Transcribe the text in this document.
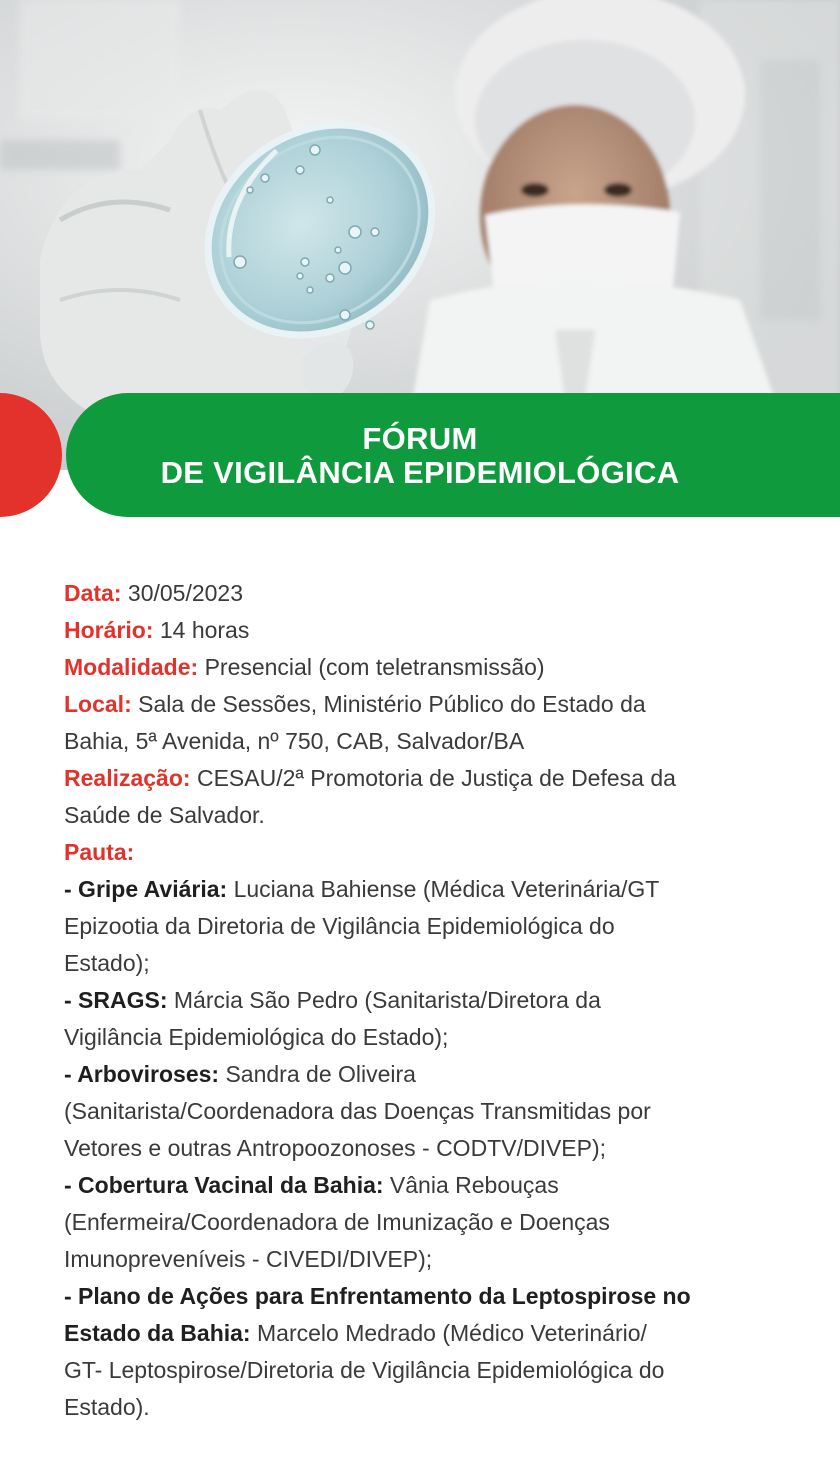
FÓRUM
DE VIGILÂNCIA EPIDEMIOLÓGICA

Data: 30/05/2023

Horário: 14 horas

Modalidade: Presencial (com teletransmissão)

Local: Sala de Sessões, Ministério Público do Estado da
Bahia, 5ª Avenida, nº 750, CAB, Salvador/BA

Realização: CESAU/2ª Promotoria de Justiça de Defesa da
Saúde de Salvador.

Pauta:

- Gripe Aviária: Luciana Bahiense (Médica Veterinária/GT
Epizootia da Diretoria de Vigilância Epidemiológica do
Estado);

- SRAGS: Márcia São Pedro (Sanitarista/Diretora da
Vigilância Epidemiológica do Estado);

- Arboviroses: Sandra de Oliveira
(Sanitarista/Coordenadora das Doenças Transmitidas por
Vetores e outras Antropoozonoses - CODTV/DIVEP);

- Cobertura Vacinal da Bahia: Vânia Rebouças
(Enfermeira/Coordenadora de Imunização e Doenças
Imunopreveníveis - CIVEDI/DIVEP);

- Plano de Ações para Enfrentamento da Leptospirose no
Estado da Bahia: Marcelo Medrado (Médico Veterinário/
GT- Leptospirose/Diretoria de Vigilância Epidemiológica do
Estado).
